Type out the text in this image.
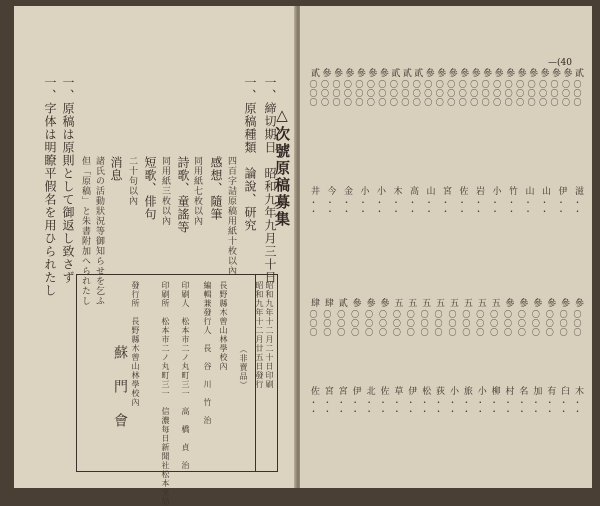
△次號原稿募集
一、締切期日　昭和九年九月三十日
一、原稿種類　論說、研究
四百字詰原稿用紙十枚以內
感想、隨筆
同用紙七枚以內
詩歌、童謠等
同用紙三枚以內
短歌、俳句
二十句以內
消息
諸氏の活動狀況等御知らせを乞ふ
但「原稿」と朱書附加へられたし
一、原稿は原則として御返し致さず
一、字体は明瞭平假名を用ひられたし
昭和九年十二月二十日印刷
昭和九年十二月廿五日發行
（非賣品）
長野縣木曾山林學校內
編輯兼發行人　長　谷　川　竹　治
印刷人　松本市二ノ丸町三一　高　橋　貞　治
印刷所　松本市二ノ丸町三一　信濃每日新聞社松本支局
發行所　長野縣木曾山林學校內
蘇　門　會
—(40
貳
〇〇〇
參
〇〇〇
參
〇〇〇
參
〇〇〇
參
〇〇〇
參
〇〇〇
參
〇〇〇
參
〇〇〇
參
〇〇〇
參
〇〇〇
參
〇〇〇
參
〇〇〇
參
〇〇〇
參
〇〇〇
貳
〇〇〇
貳
〇〇〇
貳
〇〇〇
參
〇〇〇
參
〇〇〇
參
〇〇〇
參
〇〇〇
參
〇〇〇
參
〇〇〇
貳
〇〇〇
滋
・・
伊
・・
山
・・
山
・・
竹
・・
小
・・
岩
・・
佐
・・
宮
・・
山
・・
高
・・
木
・・
小
・・
小
・・
金
・・
今
・・
井
・・
參
〇〇〇
參
〇〇〇
參
〇〇〇
參
〇〇〇
參
〇〇〇
參
〇〇〇
五
〇〇〇
五
〇〇〇
五
〇〇〇
五
〇〇〇
五
〇〇〇
五
〇〇〇
五
〇〇〇
五
〇〇〇
參
〇〇〇
參
〇〇〇
參
〇〇〇
貳
〇〇〇
肆
〇〇〇
肆
〇〇〇
木
・・
臼
・・
有
・・
加
・・
名
・・
村
・・
柳
・・
小
・・
旅
・・
小
・・
荻
・・
松
・・
伊
・・
草
・・
佐
・・
北
・・
伊
・・
宮
・・
宮
・・
佐
・・
